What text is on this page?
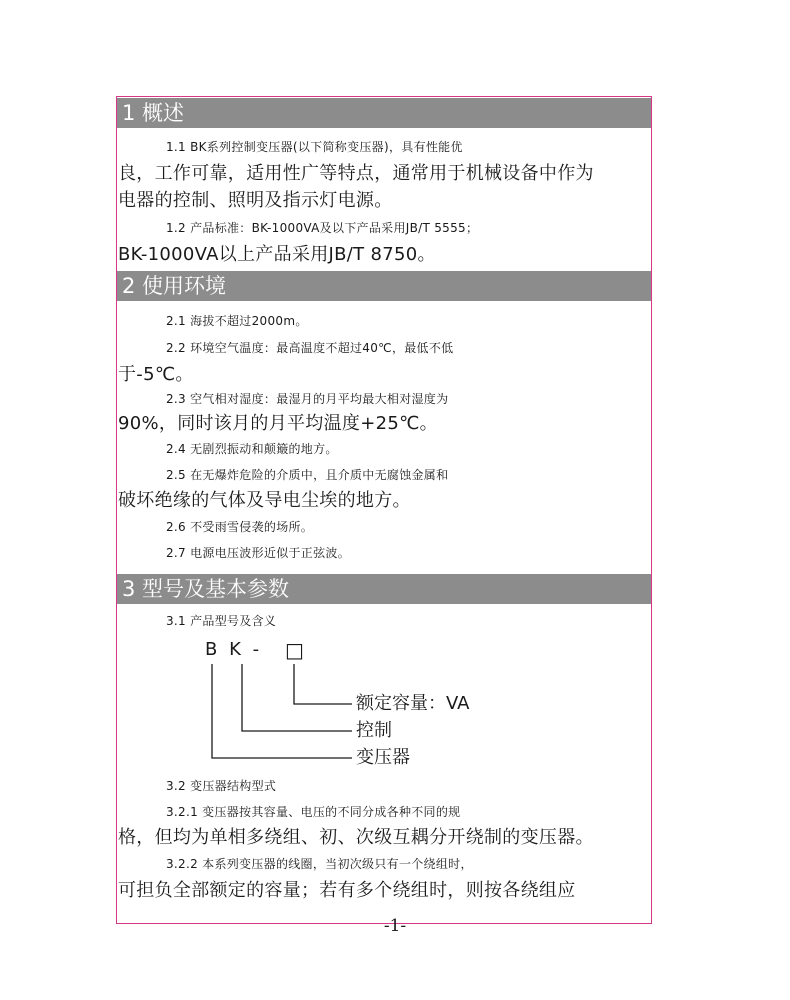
1 概述
1.1 BK系列控制变压器(以下简称变压器)，具有性能优
良，工作可靠，适用性广等特点，通常用于机械设备中作为
电器的控制、照明及指示灯电源。
1.2 产品标准：BK-1000VA及以下产品采用JB/T 5555；
BK-1000VA以上产品采用JB/T 8750。
2 使用环境
2.1 海拔不超过2000m。
2.2 环境空气温度：最高温度不超过40℃，最低不低
于-5℃。
2.3 空气相对湿度：最湿月的月平均最大相对湿度为
90%，同时该月的月平均温度+25℃。
2.4 无剧烈振动和颠簸的地方。
2.5 在无爆炸危险的介质中，且介质中无腐蚀金属和
破坏绝缘的气体及导电尘埃的地方。
2.6 不受雨雪侵袭的场所。
2.7 电源电压波形近似于正弦波。
3 型号及基本参数
3.1 产品型号及含义
B K - □
额定容量：VA
控制
变压器
3.2 变压器结构型式
3.2.1 变压器按其容量、电压的不同分成各种不同的规
格，但均为单相多绕组、初、次级互耦分开绕制的变压器。
3.2.2 本系列变压器的线圈，当初次级只有一个绕组时，
可担负全部额定的容量；若有多个绕组时，则按各绕组应
-1-
